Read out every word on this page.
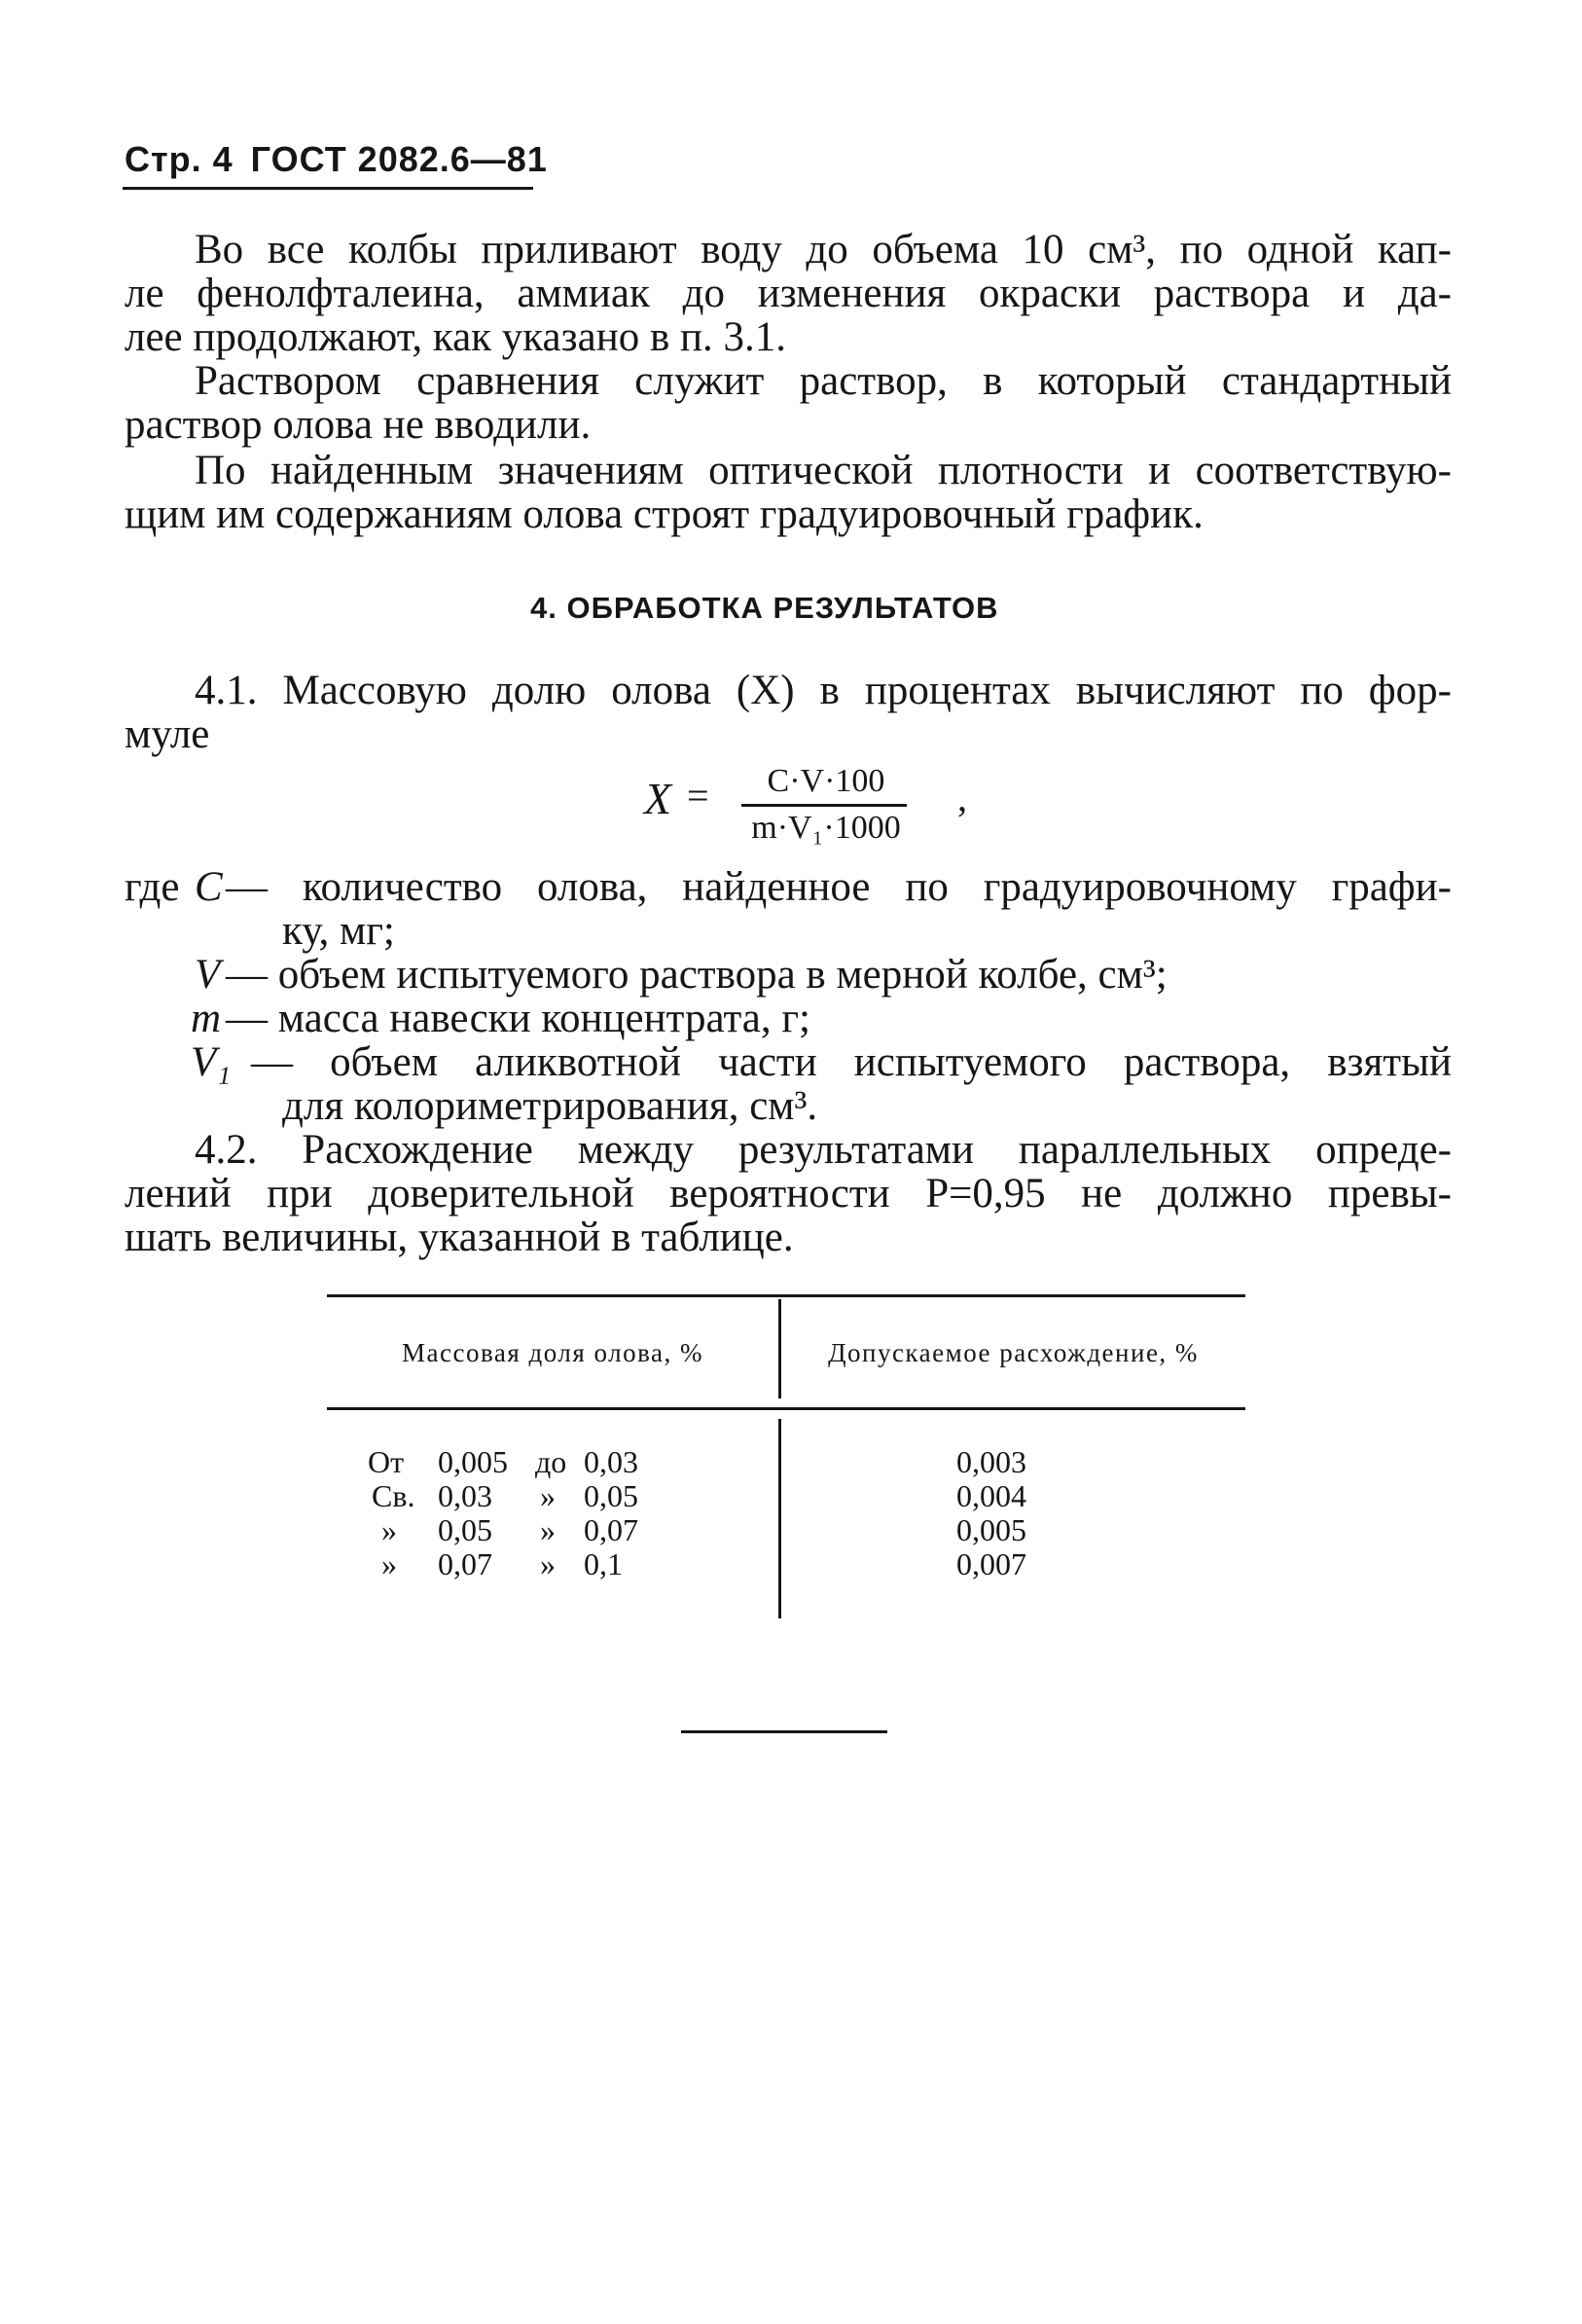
Стр. 4 ГОСТ 2082.6—81
Во все колбы приливают воду до объема 10 см³, по одной кап-
ле фенолфталеина, аммиак до изменения окраски раствора и да-
лее продолжают, как указано в п. 3.1.
Раствором сравнения служит раствор, в который стандартный
раствор олова не вводили.
По найденным значениям оптической плотности и соответствую-
щим им содержаниям олова строят градуировочный график.
4. ОБРАБОТКА РЕЗУЛЬТАТОВ
4.1. Массовую долю олова (X) в процентах вычисляют по фор-
муле
X =	C·V·100
m·V₁·1000
,
где C — количество олова, найденное по градуировочному графи-
ку, мг;
V — объем испытуемого раствора в мерной колбе, см³;
m — масса навески концентрата, г;
V₁ — объем аликвотной части испытуемого раствора, взятый
для колориметрирования, см³.
4.2. Расхождение между результатами параллельных опреде-
лений при доверительной вероятности P=0,95 не должно превы-
шать величины, указанной в таблице.
Массовая доля олова, %	Допускаемое расхождение, %
От 0,005 до 0,03	0,003
Св. 0,03 » 0,05	0,004
» 0,05 » 0,07	0,005
» 0,07 » 0,1	0,007
